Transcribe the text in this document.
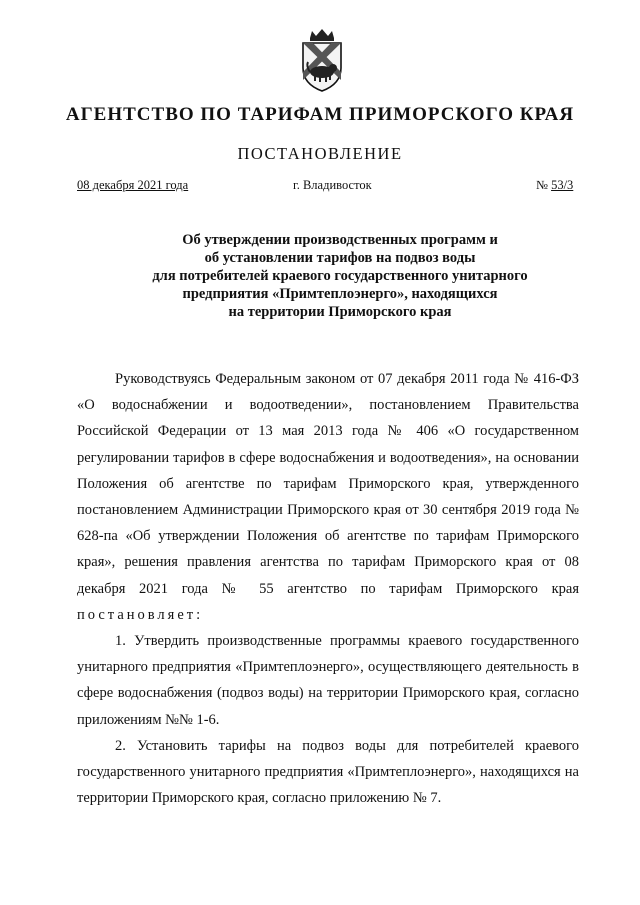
АГЕНТСТВО ПО ТАРИФАМ ПРИМОРСКОГО КРАЯ
ПОСТАНОВЛЕНИЕ
08 декабря 2021 года	г. Владивосток	№ 53/3
Об утверждении производственных программ и
об установлении тарифов на подвоз воды
для потребителей краевого государственного унитарного
предприятия «Примтеплоэнерго», находящихся
на территории Приморского края

Руководствуясь Федеральным законом от 07 декабря 2011 года № 416-ФЗ «О водоснабжении и водоотведении», постановлением Правительства Российской Федерации от 13 мая 2013 года № 406 «О государственном регулировании тарифов в сфере водоснабжения и водоотведения», на основании Положения об агентстве по тарифам Приморского края, утвержденного постановлением Администрации Приморского края от 30 сентября 2019 года № 628-па «Об утверждении Положения об агентстве по тарифам Приморского края», решения правления агентства по тарифам Приморского края от 08 декабря 2021 года № 55 агентство по тарифам Приморского края постановляет:

1. Утвердить производственные программы краевого государственного унитарного предприятия «Примтеплоэнерго», осуществляющего деятельность в сфере водоснабжения (подвоз воды) на территории Приморского края, согласно приложениям №№ 1-6.

2. Установить тарифы на подвоз воды для потребителей краевого государственного унитарного предприятия «Примтеплоэнерго», находящихся на территории Приморского края, согласно приложению № 7.
